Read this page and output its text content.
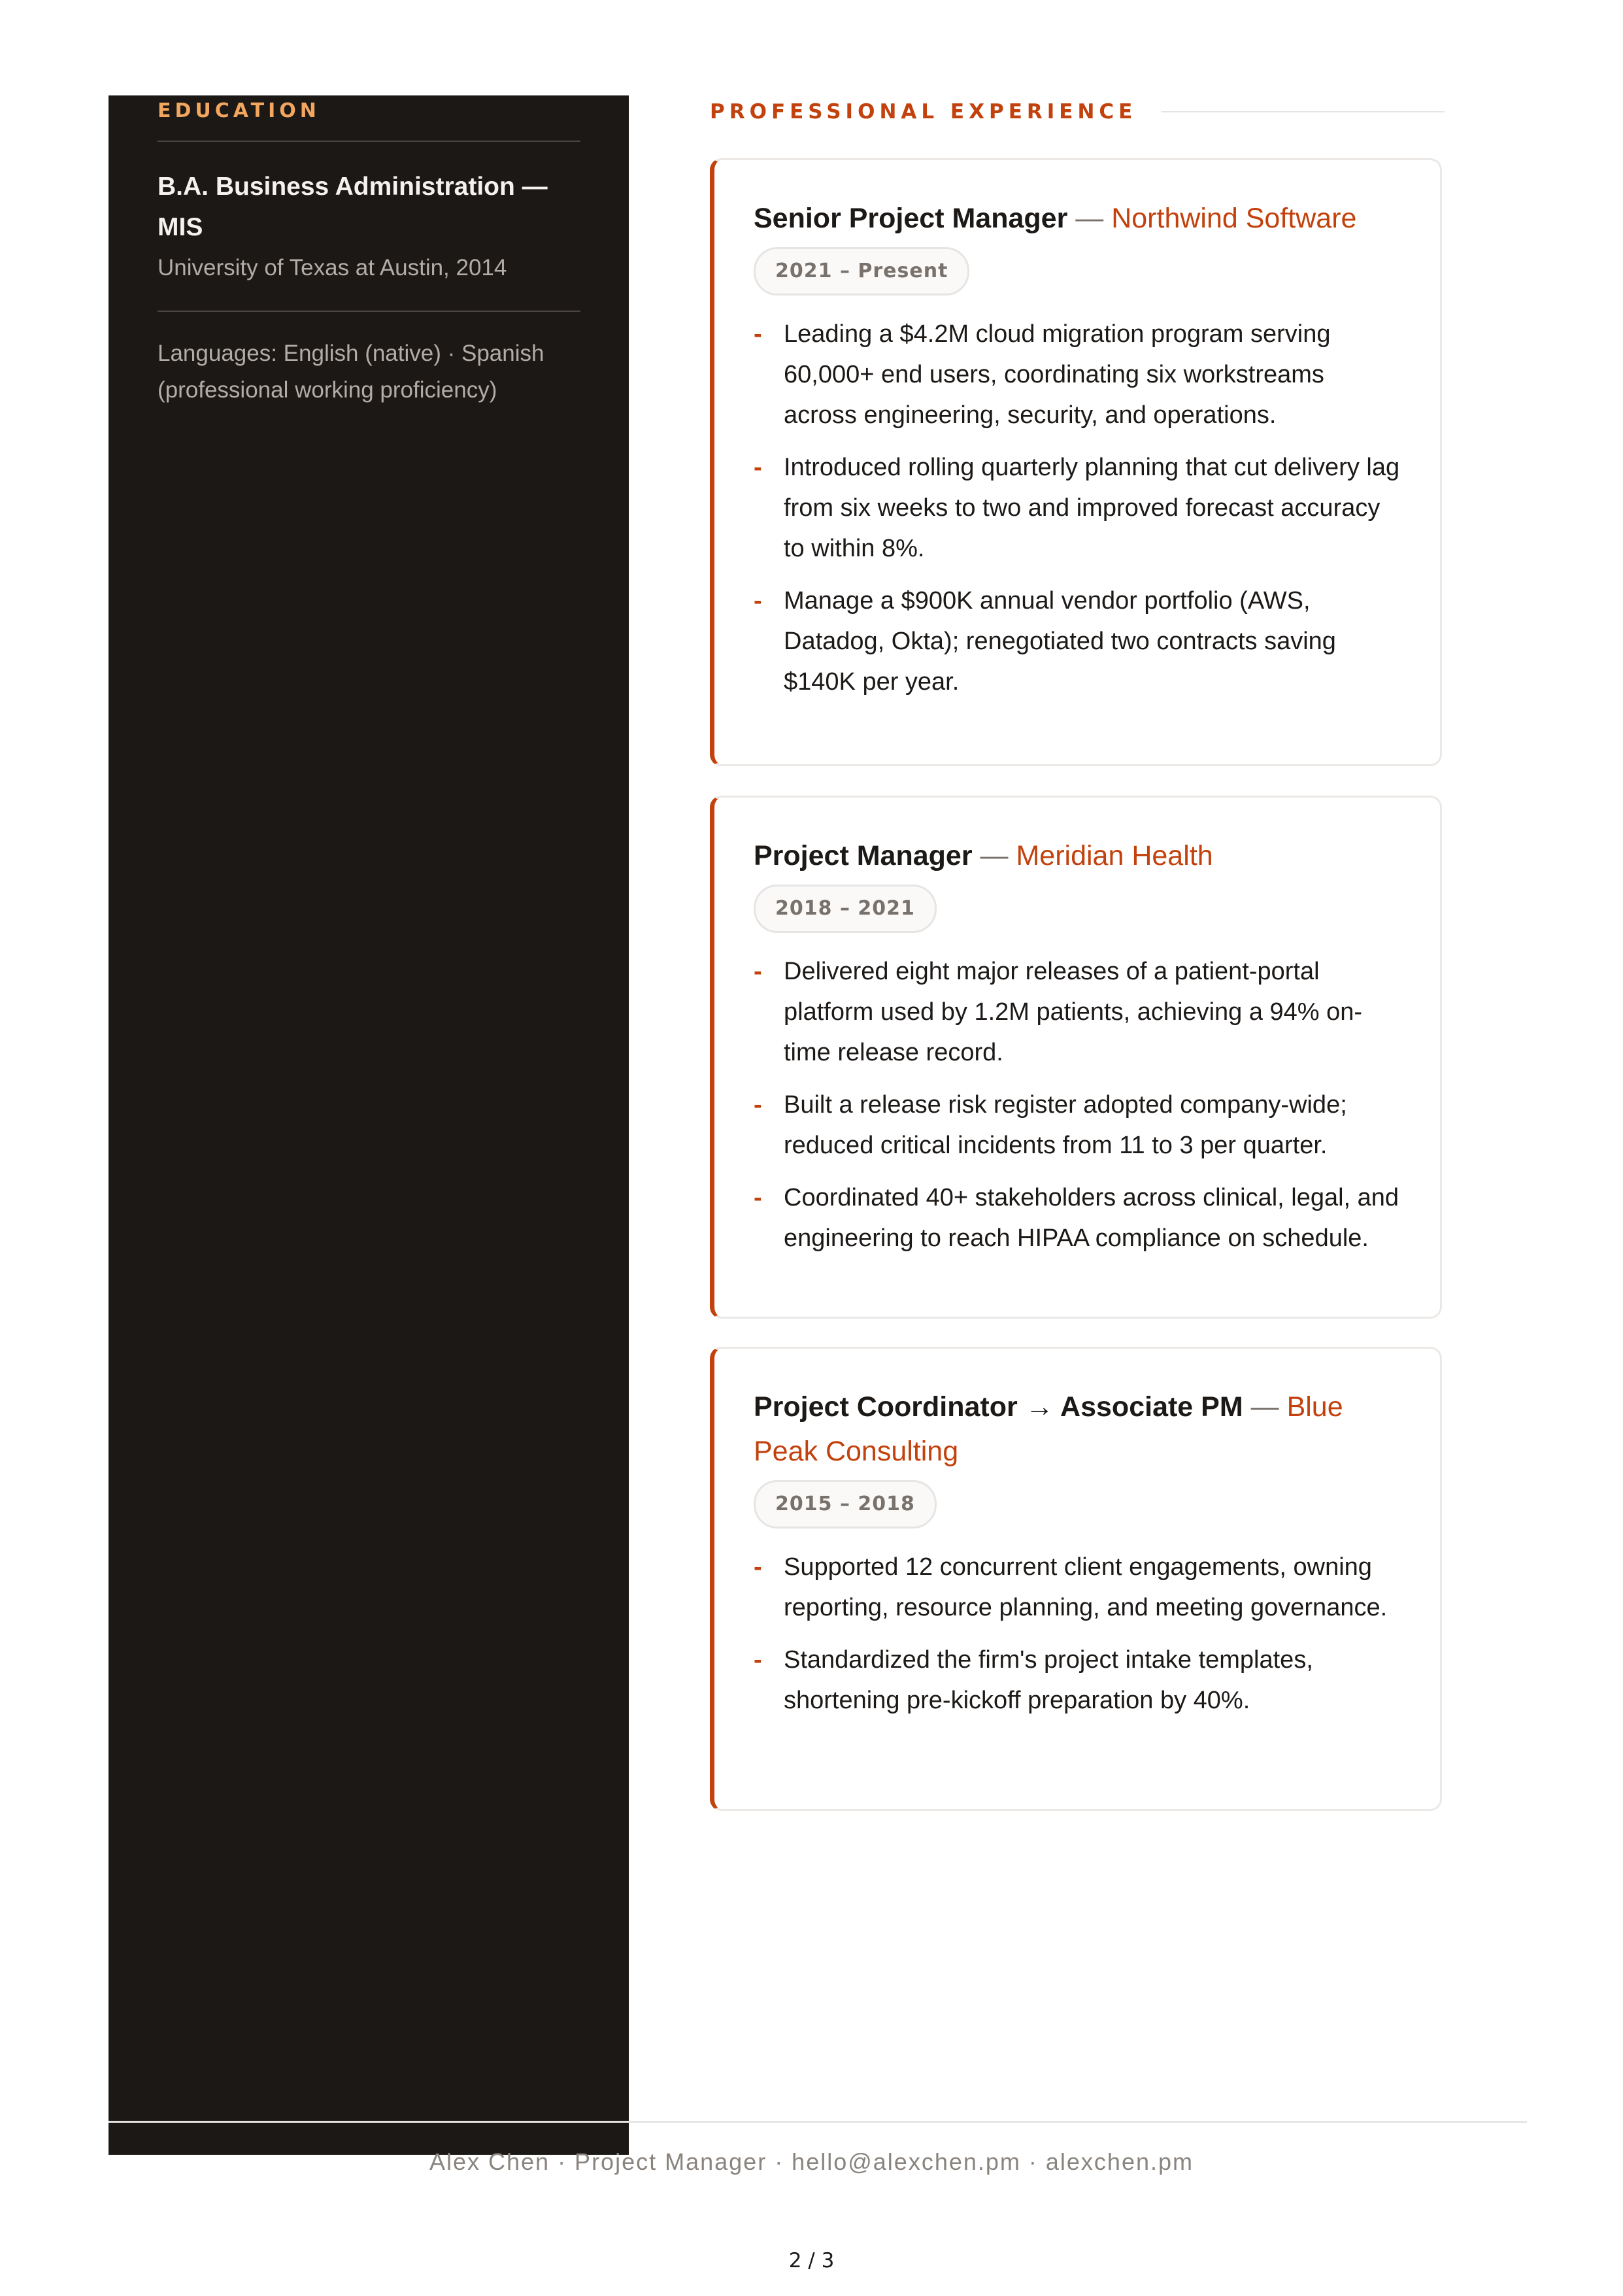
EDUCATION
B.A. Business Administration — MIS
University of Texas at Austin, 2014
Languages: English (native) · Spanish (professional working proficiency)
PROFESSIONAL EXPERIENCE
Senior Project Manager — Northwind Software
2021 – Present
- Leading a $4.2M cloud migration program serving 60,000+ end users, coordinating six workstreams across engineering, security, and operations.
- Introduced rolling quarterly planning that cut delivery lag from six weeks to two and improved forecast accuracy to within 8%.
- Manage a $900K annual vendor portfolio (AWS, Datadog, Okta); renegotiated two contracts saving $140K per year.
Project Manager — Meridian Health
2018 – 2021
- Delivered eight major releases of a patient-portal platform used by 1.2M patients, achieving a 94% on-time release record.
- Built a release risk register adopted company-wide; reduced critical incidents from 11 to 3 per quarter.
- Coordinated 40+ stakeholders across clinical, legal, and engineering to reach HIPAA compliance on schedule.
Project Coordinator → Associate PM — Blue Peak Consulting
2015 – 2018
- Supported 12 concurrent client engagements, owning reporting, resource planning, and meeting governance.
- Standardized the firm's project intake templates, shortening pre-kickoff preparation by 40%.
Alex Chen · Project Manager · hello@alexchen.pm · alexchen.pm
2 / 3
